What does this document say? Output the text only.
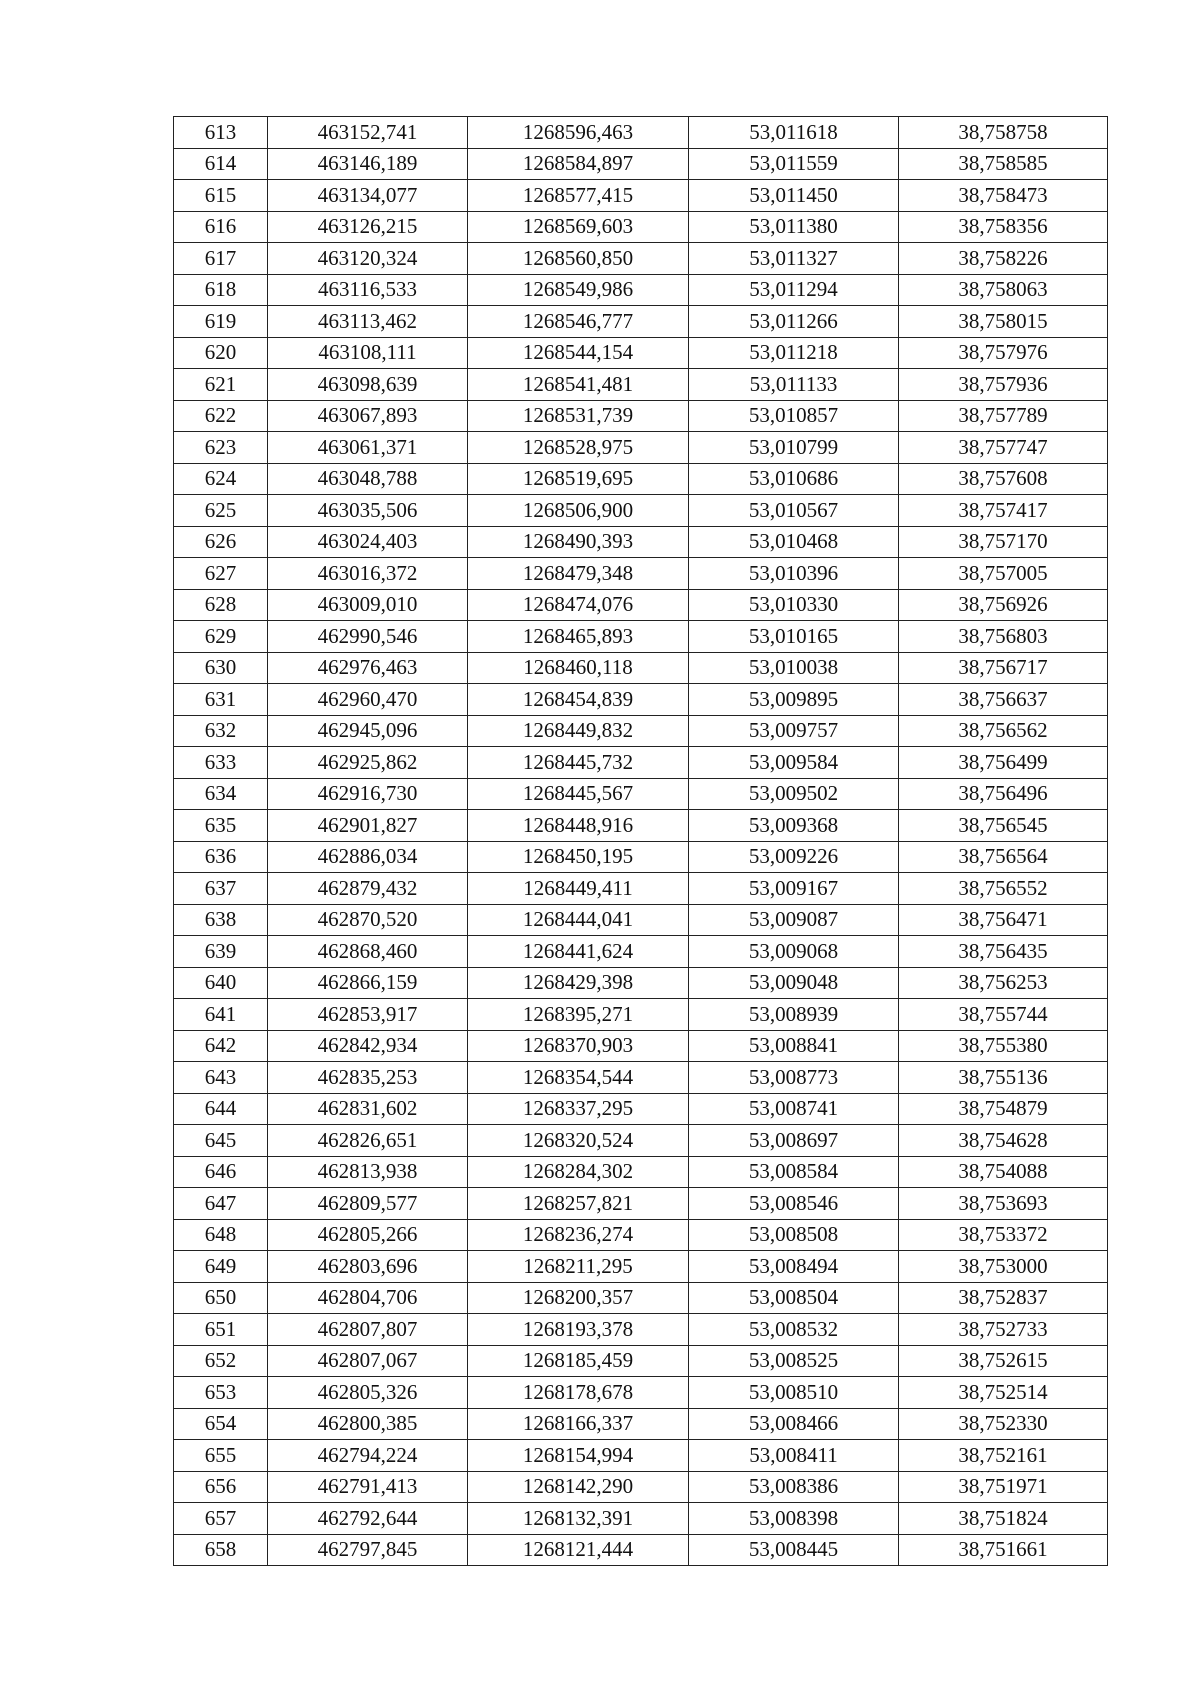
613	463152,741	1268596,463	53,011618	38,758758
614	463146,189	1268584,897	53,011559	38,758585
615	463134,077	1268577,415	53,011450	38,758473
616	463126,215	1268569,603	53,011380	38,758356
617	463120,324	1268560,850	53,011327	38,758226
618	463116,533	1268549,986	53,011294	38,758063
619	463113,462	1268546,777	53,011266	38,758015
620	463108,111	1268544,154	53,011218	38,757976
621	463098,639	1268541,481	53,011133	38,757936
622	463067,893	1268531,739	53,010857	38,757789
623	463061,371	1268528,975	53,010799	38,757747
624	463048,788	1268519,695	53,010686	38,757608
625	463035,506	1268506,900	53,010567	38,757417
626	463024,403	1268490,393	53,010468	38,757170
627	463016,372	1268479,348	53,010396	38,757005
628	463009,010	1268474,076	53,010330	38,756926
629	462990,546	1268465,893	53,010165	38,756803
630	462976,463	1268460,118	53,010038	38,756717
631	462960,470	1268454,839	53,009895	38,756637
632	462945,096	1268449,832	53,009757	38,756562
633	462925,862	1268445,732	53,009584	38,756499
634	462916,730	1268445,567	53,009502	38,756496
635	462901,827	1268448,916	53,009368	38,756545
636	462886,034	1268450,195	53,009226	38,756564
637	462879,432	1268449,411	53,009167	38,756552
638	462870,520	1268444,041	53,009087	38,756471
639	462868,460	1268441,624	53,009068	38,756435
640	462866,159	1268429,398	53,009048	38,756253
641	462853,917	1268395,271	53,008939	38,755744
642	462842,934	1268370,903	53,008841	38,755380
643	462835,253	1268354,544	53,008773	38,755136
644	462831,602	1268337,295	53,008741	38,754879
645	462826,651	1268320,524	53,008697	38,754628
646	462813,938	1268284,302	53,008584	38,754088
647	462809,577	1268257,821	53,008546	38,753693
648	462805,266	1268236,274	53,008508	38,753372
649	462803,696	1268211,295	53,008494	38,753000
650	462804,706	1268200,357	53,008504	38,752837
651	462807,807	1268193,378	53,008532	38,752733
652	462807,067	1268185,459	53,008525	38,752615
653	462805,326	1268178,678	53,008510	38,752514
654	462800,385	1268166,337	53,008466	38,752330
655	462794,224	1268154,994	53,008411	38,752161
656	462791,413	1268142,290	53,008386	38,751971
657	462792,644	1268132,391	53,008398	38,751824
658	462797,845	1268121,444	53,008445	38,751661
